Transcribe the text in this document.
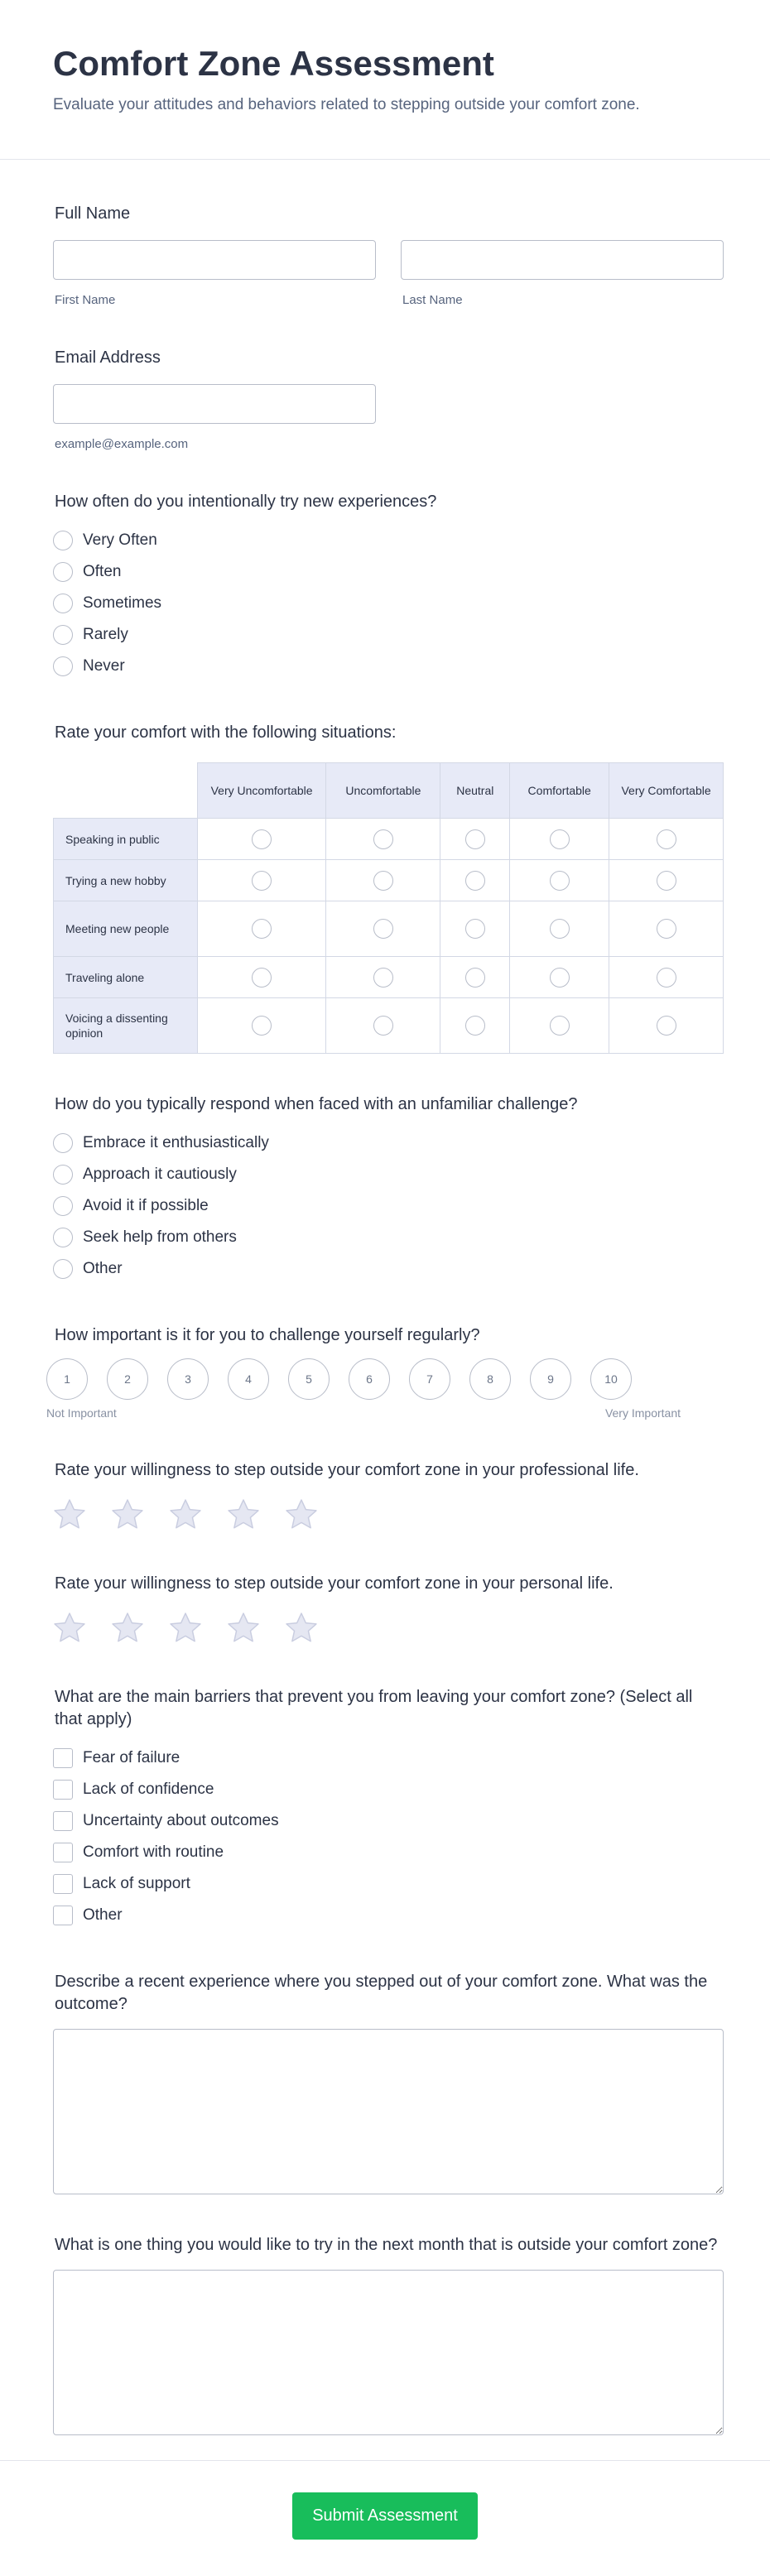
Comfort Zone Assessment

Evaluate your attitudes and behaviors related to stepping outside your comfort zone.

Full Name
First Name	Last Name
Email Address
example@example.com
How often do you intentionally try new experiences?
Very Often
Often
Sometimes
Rarely
Never
Rate your comfort with the following situations:
	Very Uncomfortable	Uncomfortable	Neutral	Comfortable	Very Comfortable
Speaking in public					
Trying a new hobby					
Meeting new people					
Traveling alone					
Voicing a dissenting opinion					
How do you typically respond when faced with an unfamiliar challenge?
Embrace it enthusiastically
Approach it cautiously
Avoid it if possible
Seek help from others
Other
How important is it for you to challenge yourself regularly?
1	2	3	4	5	6	7	8	9	10
Not Important	Very Important
Rate your willingness to step outside your comfort zone in your professional life.
Rate your willingness to step outside your comfort zone in your personal life.
What are the main barriers that prevent you from leaving your comfort zone? (Select all that apply)
Fear of failure
Lack of confidence
Uncertainty about outcomes
Comfort with routine
Lack of support
Other
Describe a recent experience where you stepped out of your comfort zone. What was the outcome?
What is one thing you would like to try in the next month that is outside your comfort zone?
Submit Assessment
